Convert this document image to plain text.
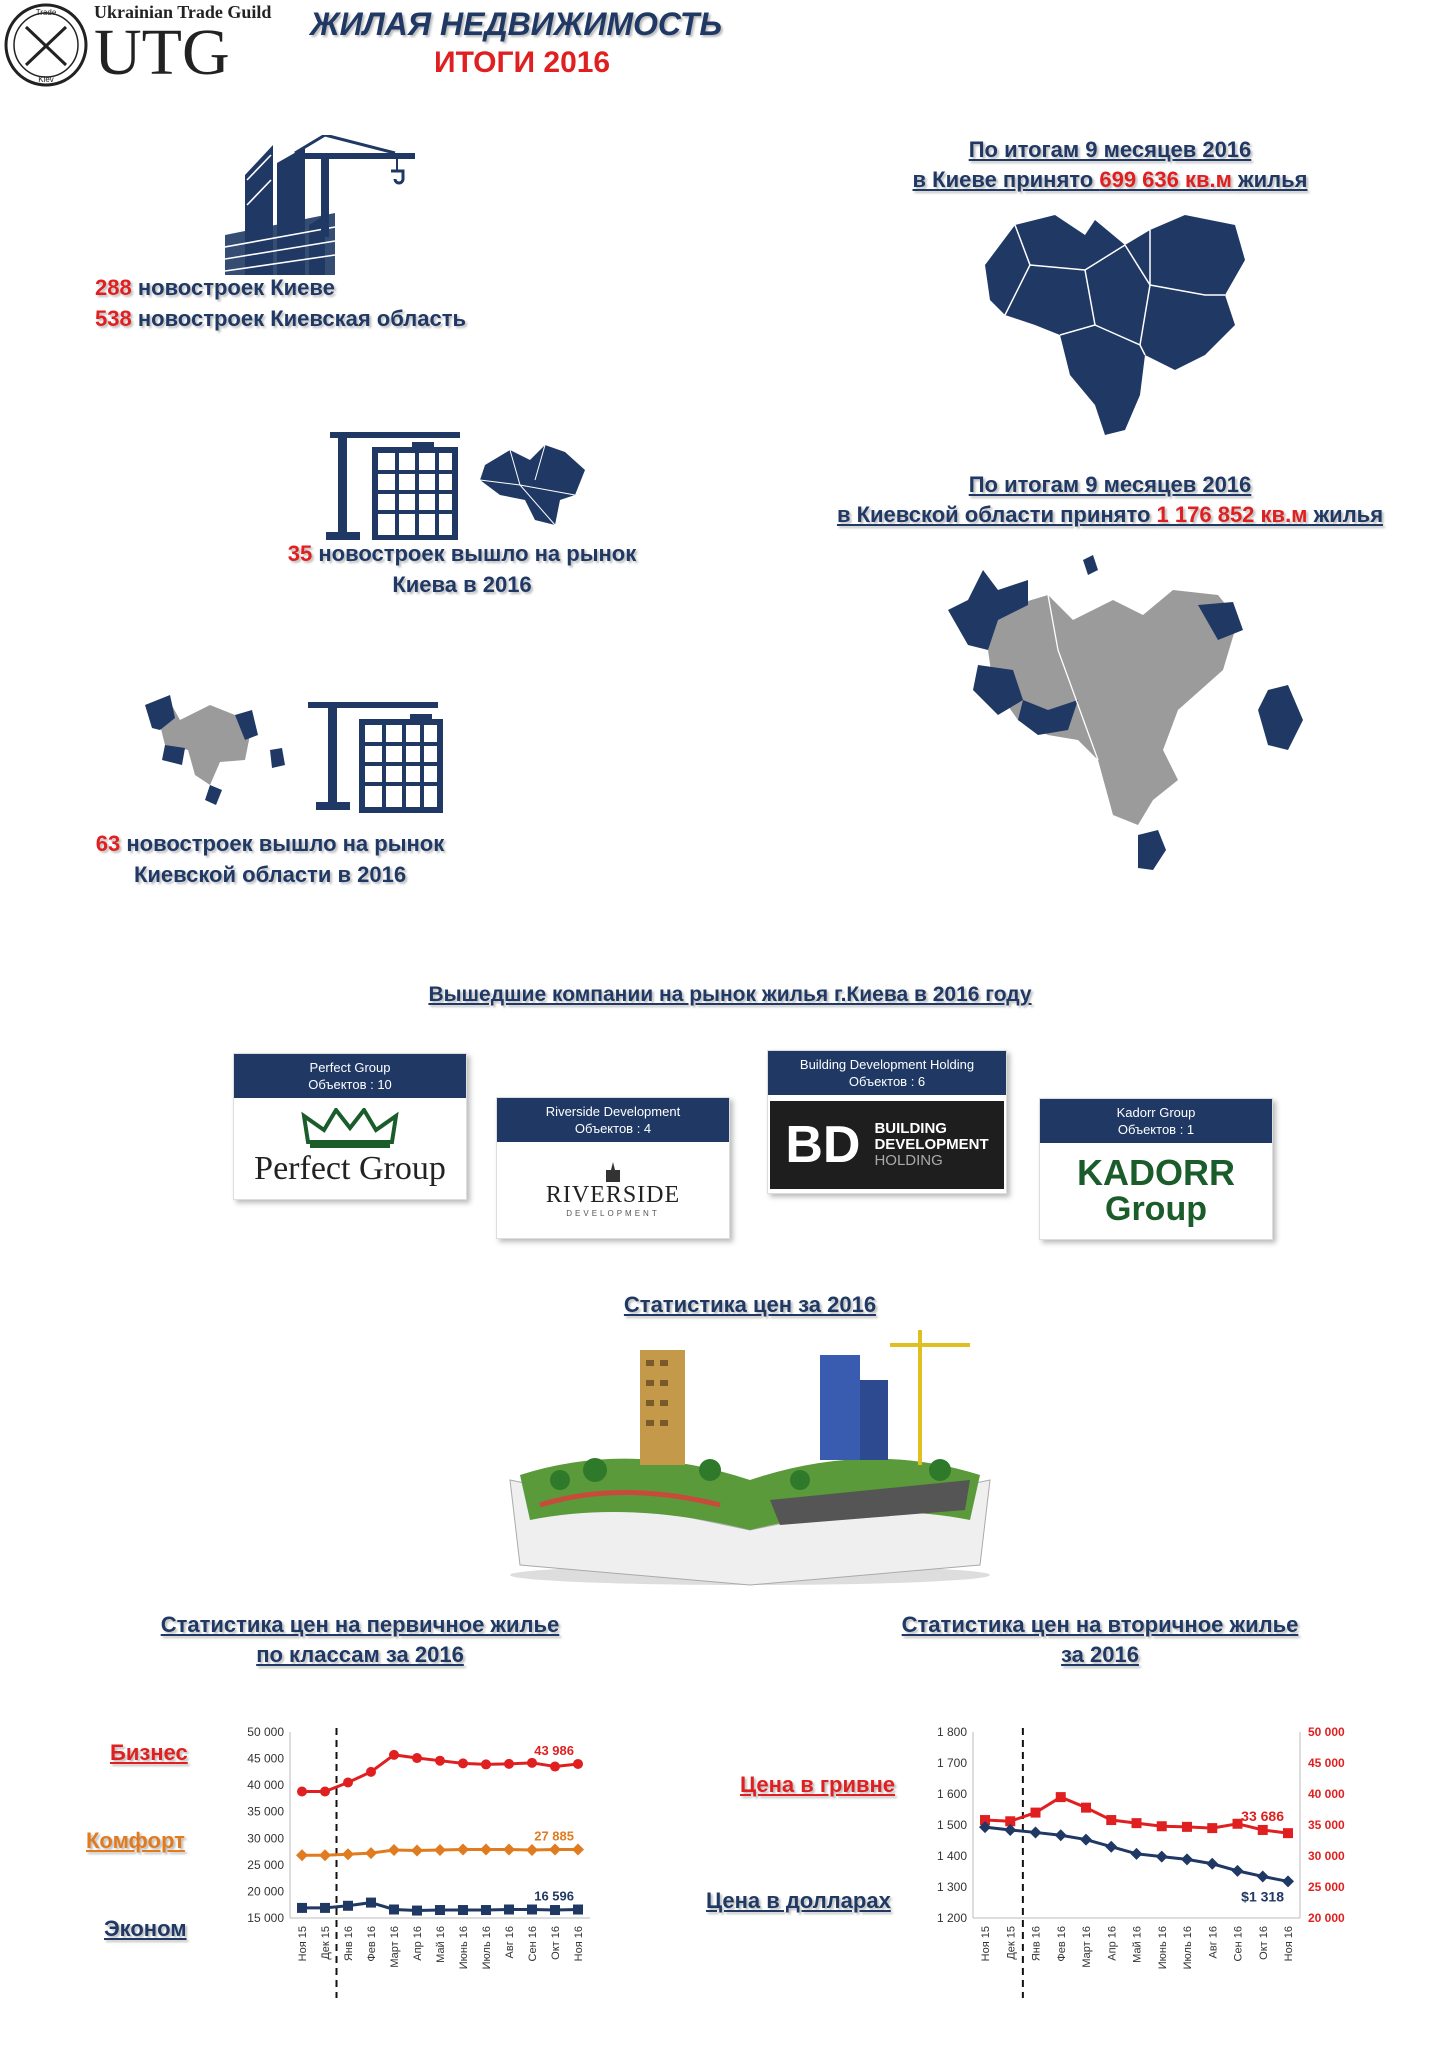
Trade
Kiev
Ukrainian Trade Guild
UTG	ЖИЛАЯ НЕДВИЖИМОСТЬ
ИТОГИ 2016
288 новостроек Киеве
538 новостроек Киевская область
35 новостроек вышло на рынок
Киева в 2016
63 новостроек вышло на рынок
Киевской области в 2016
По итогам 9 месяцев 2016
в Киеве принято 699 636 кв.м жилья
По итогам 9 месяцев 2016
в Киевской области принято 1 176 852 кв.м жилья
Вышедшие компании на рынок жилья г.Киева в 2016 году
Perfect Group
Объектов : 10
Perfect Group
Riverside Development
Объектов : 4
RIVERSIDE
DEVELOPMENT
Building Development Holding
Объектов : 6
BD BUILDING
DEVELOPMENT
HOLDING
Kadorr Group
Объектов : 1
KADORR
Group
Статистика цен за 2016
Статистика цен на первичное жилье
по классам за 2016
Статистика цен на вторичное жилье
за 2016
Бизнес
Комфорт
Эконом
Цена в гривне
Цена в долларах
15 000
20 000
25 000
30 000
35 000
40 000
45 000
50 000
Ноя 15 Дек 15 Янв 16 Фев 16 Март 16 Апр 16 Май 16 Июнь 16 Июль 16 Авг 16 Сен 16 Окт 16 Ноя 16
43 986
27 885
16 596
1 200
1 300
1 400
1 500
1 600
1 700
1 800
20 000
25 000
30 000
35 000
40 000
45 000
50 000
Ноя 15 Дек 15 Янв 16 Фев 16 Март 16 Апр 16 Май 16 Июнь 16 Июль 16 Авг 16 Сен 16 Окт 16 Ноя 16
33 686
$1 318
